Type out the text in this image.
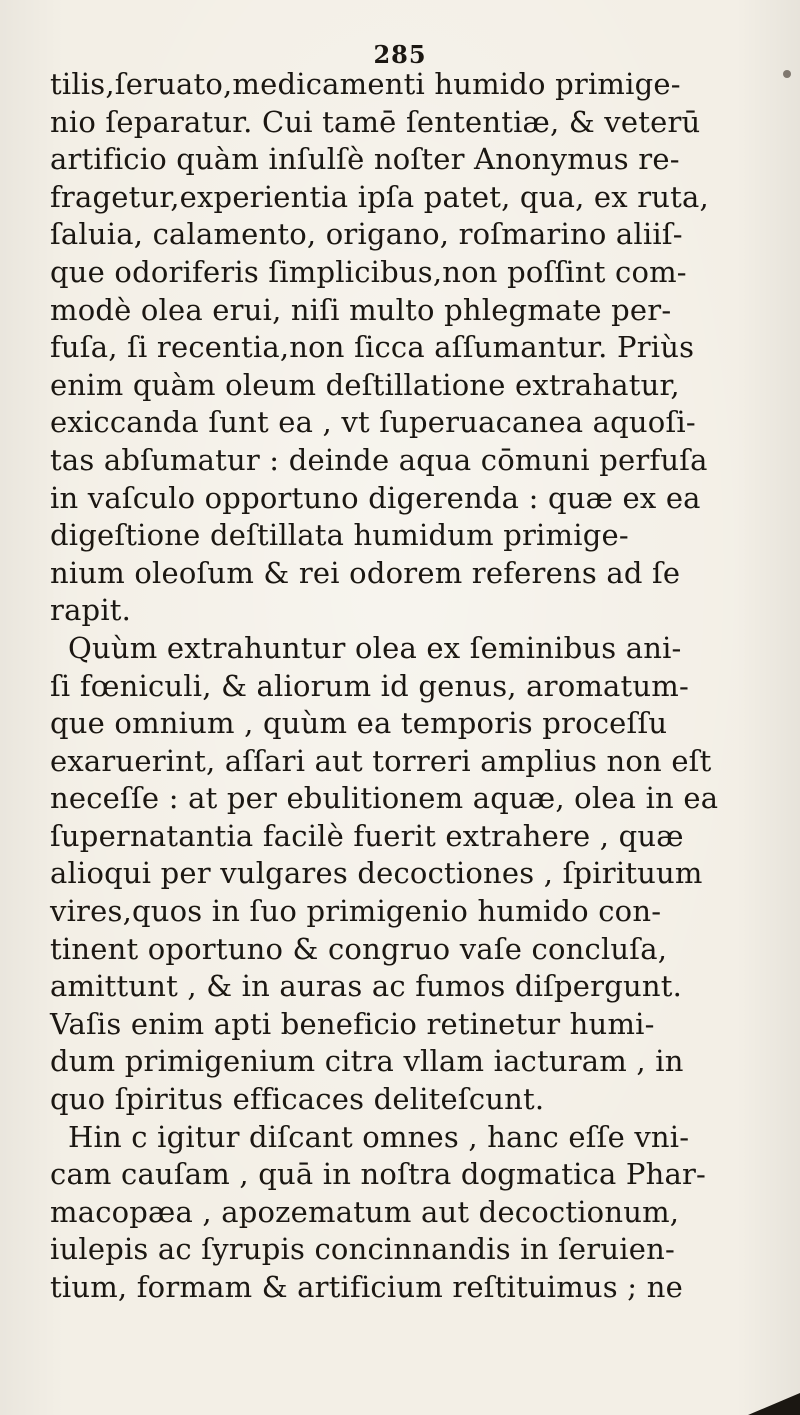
285
tilis,ſeruato,medicamenti humido primige-
nio ſeparatur. Cui tamē ſententiæ, & veterū
artificio quàm inſulſè noſter Anonymus re-
fragetur,experientia ipſa patet, qua, ex ruta,
ſaluia, calamento, origano, roſmarino aliiſ-
que odoriferis ſimplicibus,non poſſint com-
modè olea erui, niſi multo phlegmate per-
fuſa, ſi recentia,non ſicca aſſumantur. Priùs
enim quàm oleum deſtillatione extrahatur,
exiccanda ſunt ea , vt ſuperuacanea aquoſi-
tas abſumatur : deinde aqua cōmuni perfuſa
in vaſculo opportuno digerenda : quæ ex ea
digeſtione deſtillata humidum primige-
nium oleoſum & rei odorem referens ad ſe
rapit.
Quùm extrahuntur olea ex ſeminibus ani-
ſi fœniculi, & aliorum id genus, aromatum-
que omnium , quùm ea temporis proceſſu
exaruerint, aſſari aut torreri amplius non eſt
neceſſe : at per ebulitionem aquæ, olea in ea
ſupernatantia facilè fuerit extrahere , quæ
alioqui per vulgares decoctiones , ſpirituum
vires,quos in ſuo primigenio humido con-
tinent oportuno & congruo vaſe concluſa,
amittunt , & in auras ac fumos diſpergunt.
Vaſis enim apti beneficio retinetur humi-
dum primigenium citra vllam iacturam , in
quo ſpiritus efficaces deliteſcunt.
Hin c igitur diſcant omnes , hanc eſſe vni-
cam cauſam , quā in noſtra dogmatica Phar-
macopæa , apozematum aut decoctionum,
iulepis ac ſyrupis concinnandis in ſeruien-
tium, formam & artificium reſtituimus ; ne
